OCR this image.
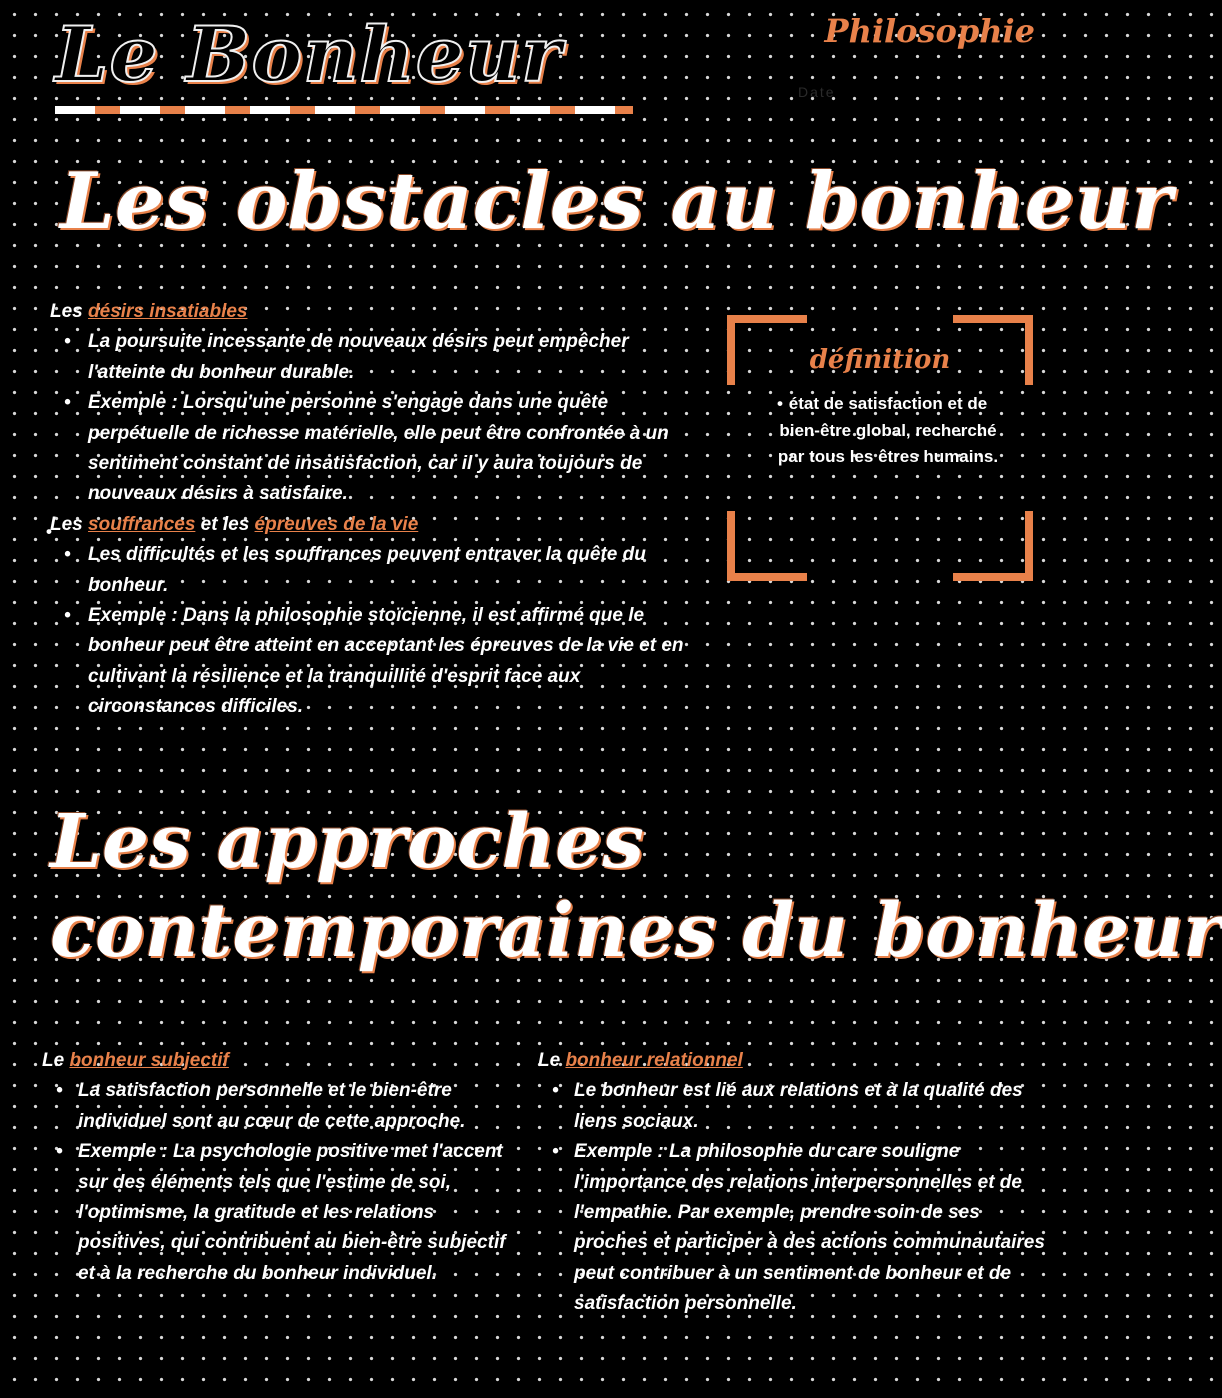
Le Bonheur	Philosophie
Date
Les obstacles au bonheur
Les désirs insatiables
• La poursuite incessante de nouveaux désirs peut empêcher l'atteinte du bonheur durable.
• Exemple : Lorsqu'une personne s'engage dans une quête perpétuelle de richesse matérielle, elle peut être confrontée à un sentiment constant de insatisfaction, car il y aura toujours de nouveaux désirs à satisfaire.
Les souffrances et les épreuves de la vie
• Les difficultés et les souffrances peuvent entraver la quête du bonheur.
• Exemple : Dans la philosophie stoïcienne, il est affirmé que le bonheur peut être atteint en acceptant les épreuves de la vie et en cultivant la résilience et la tranquillité d'esprit face aux circonstances difficiles.
définition
• état de satisfaction et de bien-être global, recherché par tous les êtres humains.
•
Les approches
contemporaines du bonheur
Le bonheur subjectif
• La satisfaction personnelle et le bien-être individuel sont au cœur de cette approche.
• Exemple : La psychologie positive met l'accent sur des éléments tels que l'estime de soi, l'optimisme, la gratitude et les relations positives, qui contribuent au bien-être subjectif et à la recherche du bonheur individuel.
Le bonheur relationnel
• Le bonheur est lié aux relations et à la qualité des liens sociaux.
• Exemple : La philosophie du care souligne l'importance des relations interpersonnelles et de l'empathie. Par exemple, prendre soin de ses proches et participer à des actions communautaires peut contribuer à un sentiment de bonheur et de satisfaction personnelle.
